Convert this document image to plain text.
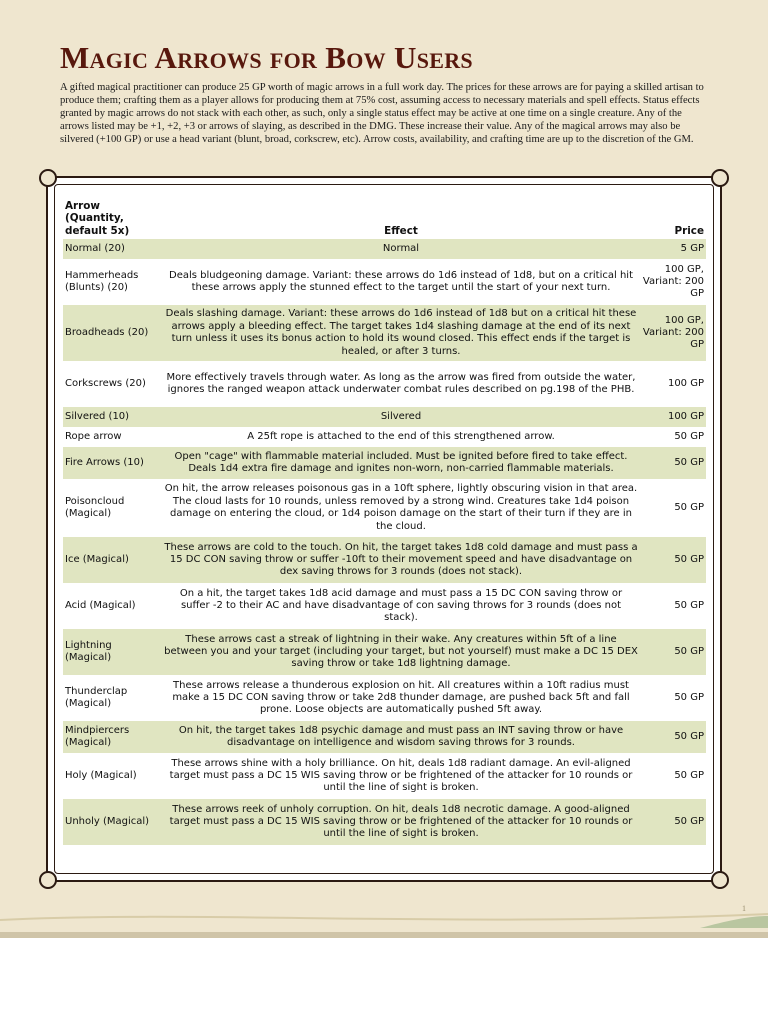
Magic Arrows for Bow Users

A gifted magical practitioner can produce 25 GP worth of magic arrows in a full work day. The prices for these arrows are for paying a skilled artisan to produce them; crafting them as a player allows for producing them at 75% cost, assuming access to necessary materials and spell effects. Status effects granted by magic arrows do not stack with each other, as such, only a single status effect may be active at one time on a single creature. Any of the arrows listed may be +1, +2, +3 or arrows of slaying, as described in the DMG. These increase their value. Any of the magical arrows may also be silvered (+100 GP) or use a head variant (blunt, broad, corkscrew, etc). Arrow costs, availability, and crafting time are up to the discretion of the GM.

Arrow (Quantity, default 5x)	Effect	Price
Normal (20)	Normal	5 GP
Hammerheads (Blunts) (20)	Deals bludgeoning damage. Variant: these arrows do 1d6 instead of 1d8, but on a critical hit these arrows apply the stunned effect to the target until the start of your next turn.	100 GP, Variant: 200 GP
Broadheads (20)	Deals slashing damage. Variant: these arrows do 1d6 instead of 1d8 but on a critical hit these arrows apply a bleeding effect. The target takes 1d4 slashing damage at the end of its next turn unless it uses its bonus action to hold its wound closed. This effect ends if the target is healed, or after 3 turns.	100 GP, Variant: 200 GP
Corkscrews (20)	More effectively travels through water. As long as the arrow was fired from outside the water, ignores the ranged weapon attack underwater combat rules described on pg.198 of the PHB.	100 GP
Silvered (10)	Silvered	100 GP
Rope arrow	A 25ft rope is attached to the end of this strengthened arrow.	50 GP
Fire Arrows (10)	Open "cage" with flammable material included. Must be ignited before fired to take effect. Deals 1d4 extra fire damage and ignites non-worn, non-carried flammable materials.	50 GP
Poisoncloud (Magical)	On hit, the arrow releases poisonous gas in a 10ft sphere, lightly obscuring vision in that area. The cloud lasts for 10 rounds, unless removed by a strong wind. Creatures take 1d4 poison damage on entering the cloud, or 1d4 poison damage on the start of their turn if they are in the cloud.	50 GP
Ice (Magical)	These arrows are cold to the touch. On hit, the target takes 1d8 cold damage and must pass a 15 DC CON saving throw or suffer -10ft to their movement speed and have disadvantage on dex saving throws for 3 rounds (does not stack).	50 GP
Acid (Magical)	On a hit, the target takes 1d8 acid damage and must pass a 15 DC CON saving throw or suffer -2 to their AC and have disadvantage of con saving throws for 3 rounds (does not stack).	50 GP
Lightning (Magical)	These arrows cast a streak of lightning in their wake. Any creatures within 5ft of a line between you and your target (including your target, but not yourself) must make a DC 15 DEX saving throw or take 1d8 lightning damage.	50 GP
Thunderclap (Magical)	These arrows release a thunderous explosion on hit. All creatures within a 10ft radius must make a 15 DC CON saving throw or take 2d8 thunder damage, are pushed back 5ft and fall prone. Loose objects are automatically pushed 5ft away.	50 GP
Mindpiercers (Magical)	On hit, the target takes 1d8 psychic damage and must pass an INT saving throw or have disadvantage on intelligence and wisdom saving throws for 3 rounds.	50 GP
Holy (Magical)	These arrows shine with a holy brilliance. On hit, deals 1d8 radiant damage. An evil-aligned target must pass a DC 15 WIS saving throw or be frightened of the attacker for 10 rounds or until the line of sight is broken.	50 GP
Unholy (Magical)	These arrows reek of unholy corruption. On hit, deals 1d8 necrotic damage. A good-aligned target must pass a DC 15 WIS saving throw or be frightened of the attacker for 10 rounds or until the line of sight is broken.	50 GP
1
